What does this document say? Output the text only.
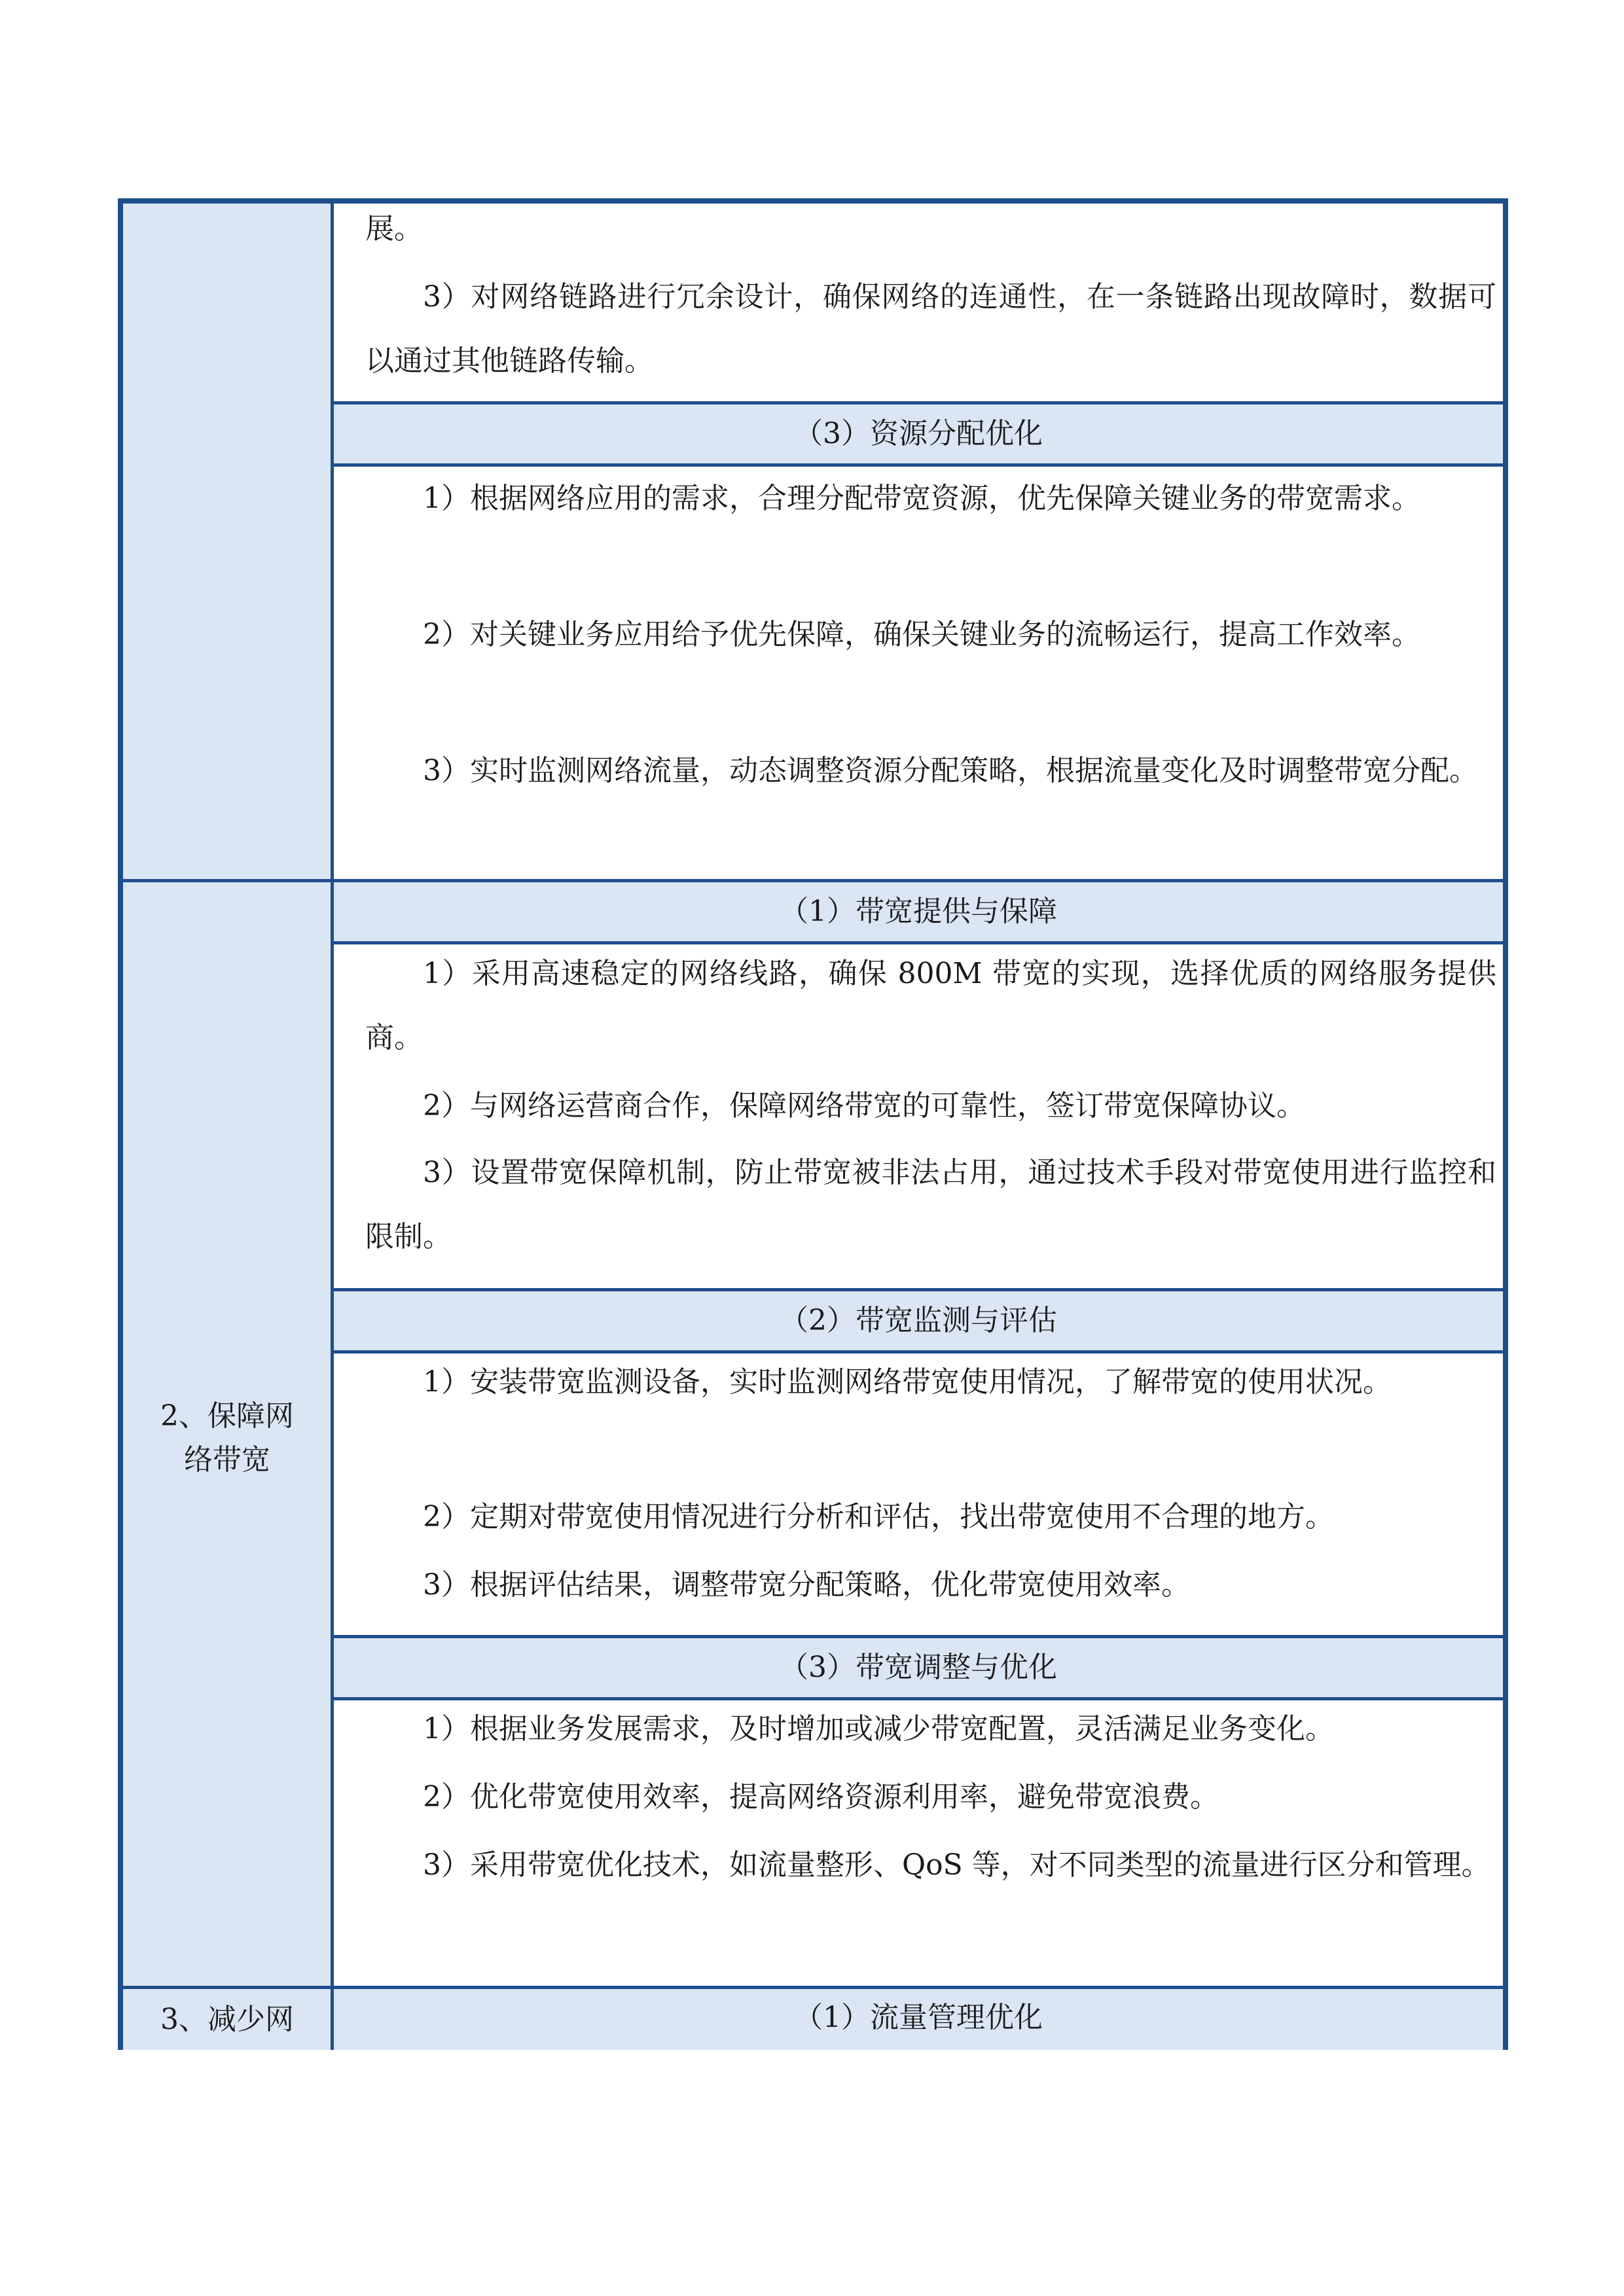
展。
3）对网络链路进行冗余设计，确保网络的连通性，在一条链路出现故障时，数据可以通过其他链路传输。
（3）资源分配优化
1）根据网络应用的需求，合理分配带宽资源，优先保障关键业务的带宽需求。
2）对关键业务应用给予优先保障，确保关键业务的流畅运行，提高工作效率。
3）实时监测网络流量，动态调整资源分配策略，根据流量变化及时调整带宽分配。
2、保障网
络带宽
（1）带宽提供与保障
1）采用高速稳定的网络线路，确保 800M 带宽的实现，选择优质的网络服务提供商。
2）与网络运营商合作，保障网络带宽的可靠性，签订带宽保障协议。
3）设置带宽保障机制，防止带宽被非法占用，通过技术手段对带宽使用进行监控和限制。
（2）带宽监测与评估
1）安装带宽监测设备，实时监测网络带宽使用情况，了解带宽的使用状况。
2）定期对带宽使用情况进行分析和评估，找出带宽使用不合理的地方。
3）根据评估结果，调整带宽分配策略，优化带宽使用效率。
（3）带宽调整与优化
1）根据业务发展需求，及时增加或减少带宽配置，灵活满足业务变化。
2）优化带宽使用效率，提高网络资源利用率，避免带宽浪费。
3）采用带宽优化技术，如流量整形、QoS 等，对不同类型的流量进行区分和管理。
3、减少网	（1）流量管理优化
